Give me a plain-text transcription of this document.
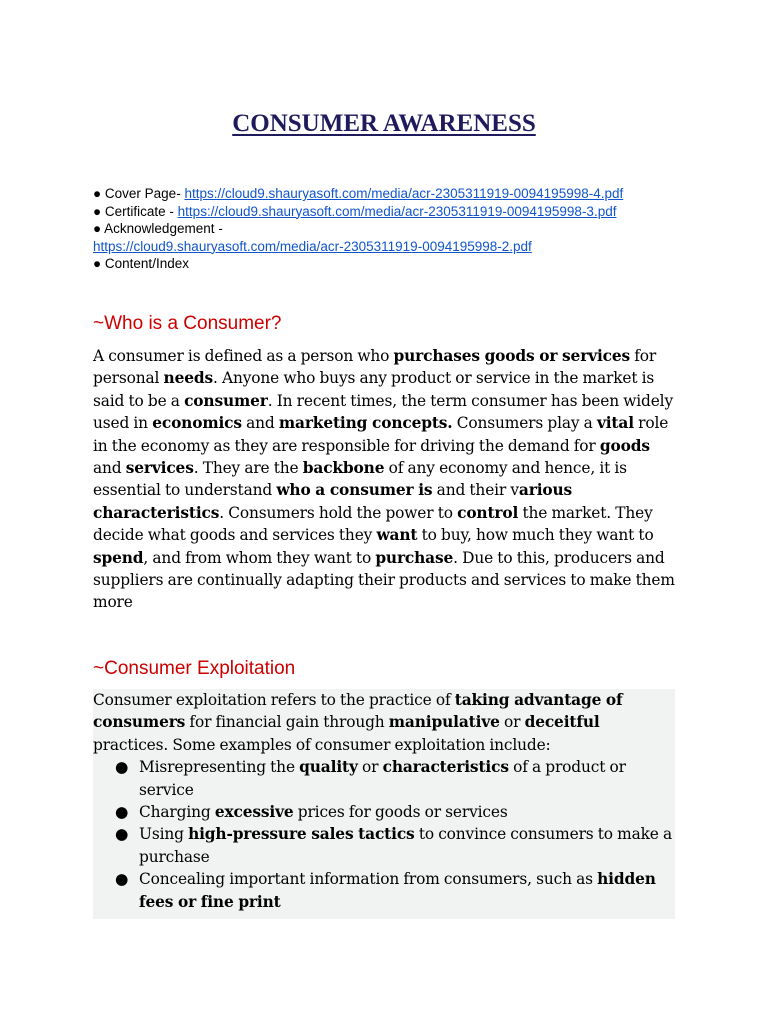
CONSUMER AWARENESS
● Cover Page- https://cloud9.shauryasoft.com/media/acr-2305311919-0094195998-4.pdf
● Certificate - https://cloud9.shauryasoft.com/media/acr-2305311919-0094195998-3.pdf
● Acknowledgement -
https://cloud9.shauryasoft.com/media/acr-2305311919-0094195998-2.pdf
● Content/Index
~Who is a Consumer?
A consumer is defined as a person who purchases goods or services for personal needs. Anyone who buys any product or service in the market is said to be a consumer. In recent times, the term consumer has been widely used in economics and marketing concepts. Consumers play a vital role in the economy as they are responsible for driving the demand for goods and services. They are the backbone of any economy and hence, it is essential to understand who a consumer is and their various characteristics. Consumers hold the power to control the market. They decide what goods and services they want to buy, how much they want to spend, and from whom they want to purchase. Due to this, producers and suppliers are continually adapting their products and services to make them more
~Consumer Exploitation
Consumer exploitation refers to the practice of taking advantage of consumers for financial gain through manipulative or deceitful practices. Some examples of consumer exploitation include:
● Misrepresenting the quality or characteristics of a product or service
● Charging excessive prices for goods or services
● Using high-pressure sales tactics to convince consumers to make a purchase
● Concealing important information from consumers, such as hidden fees or fine print
